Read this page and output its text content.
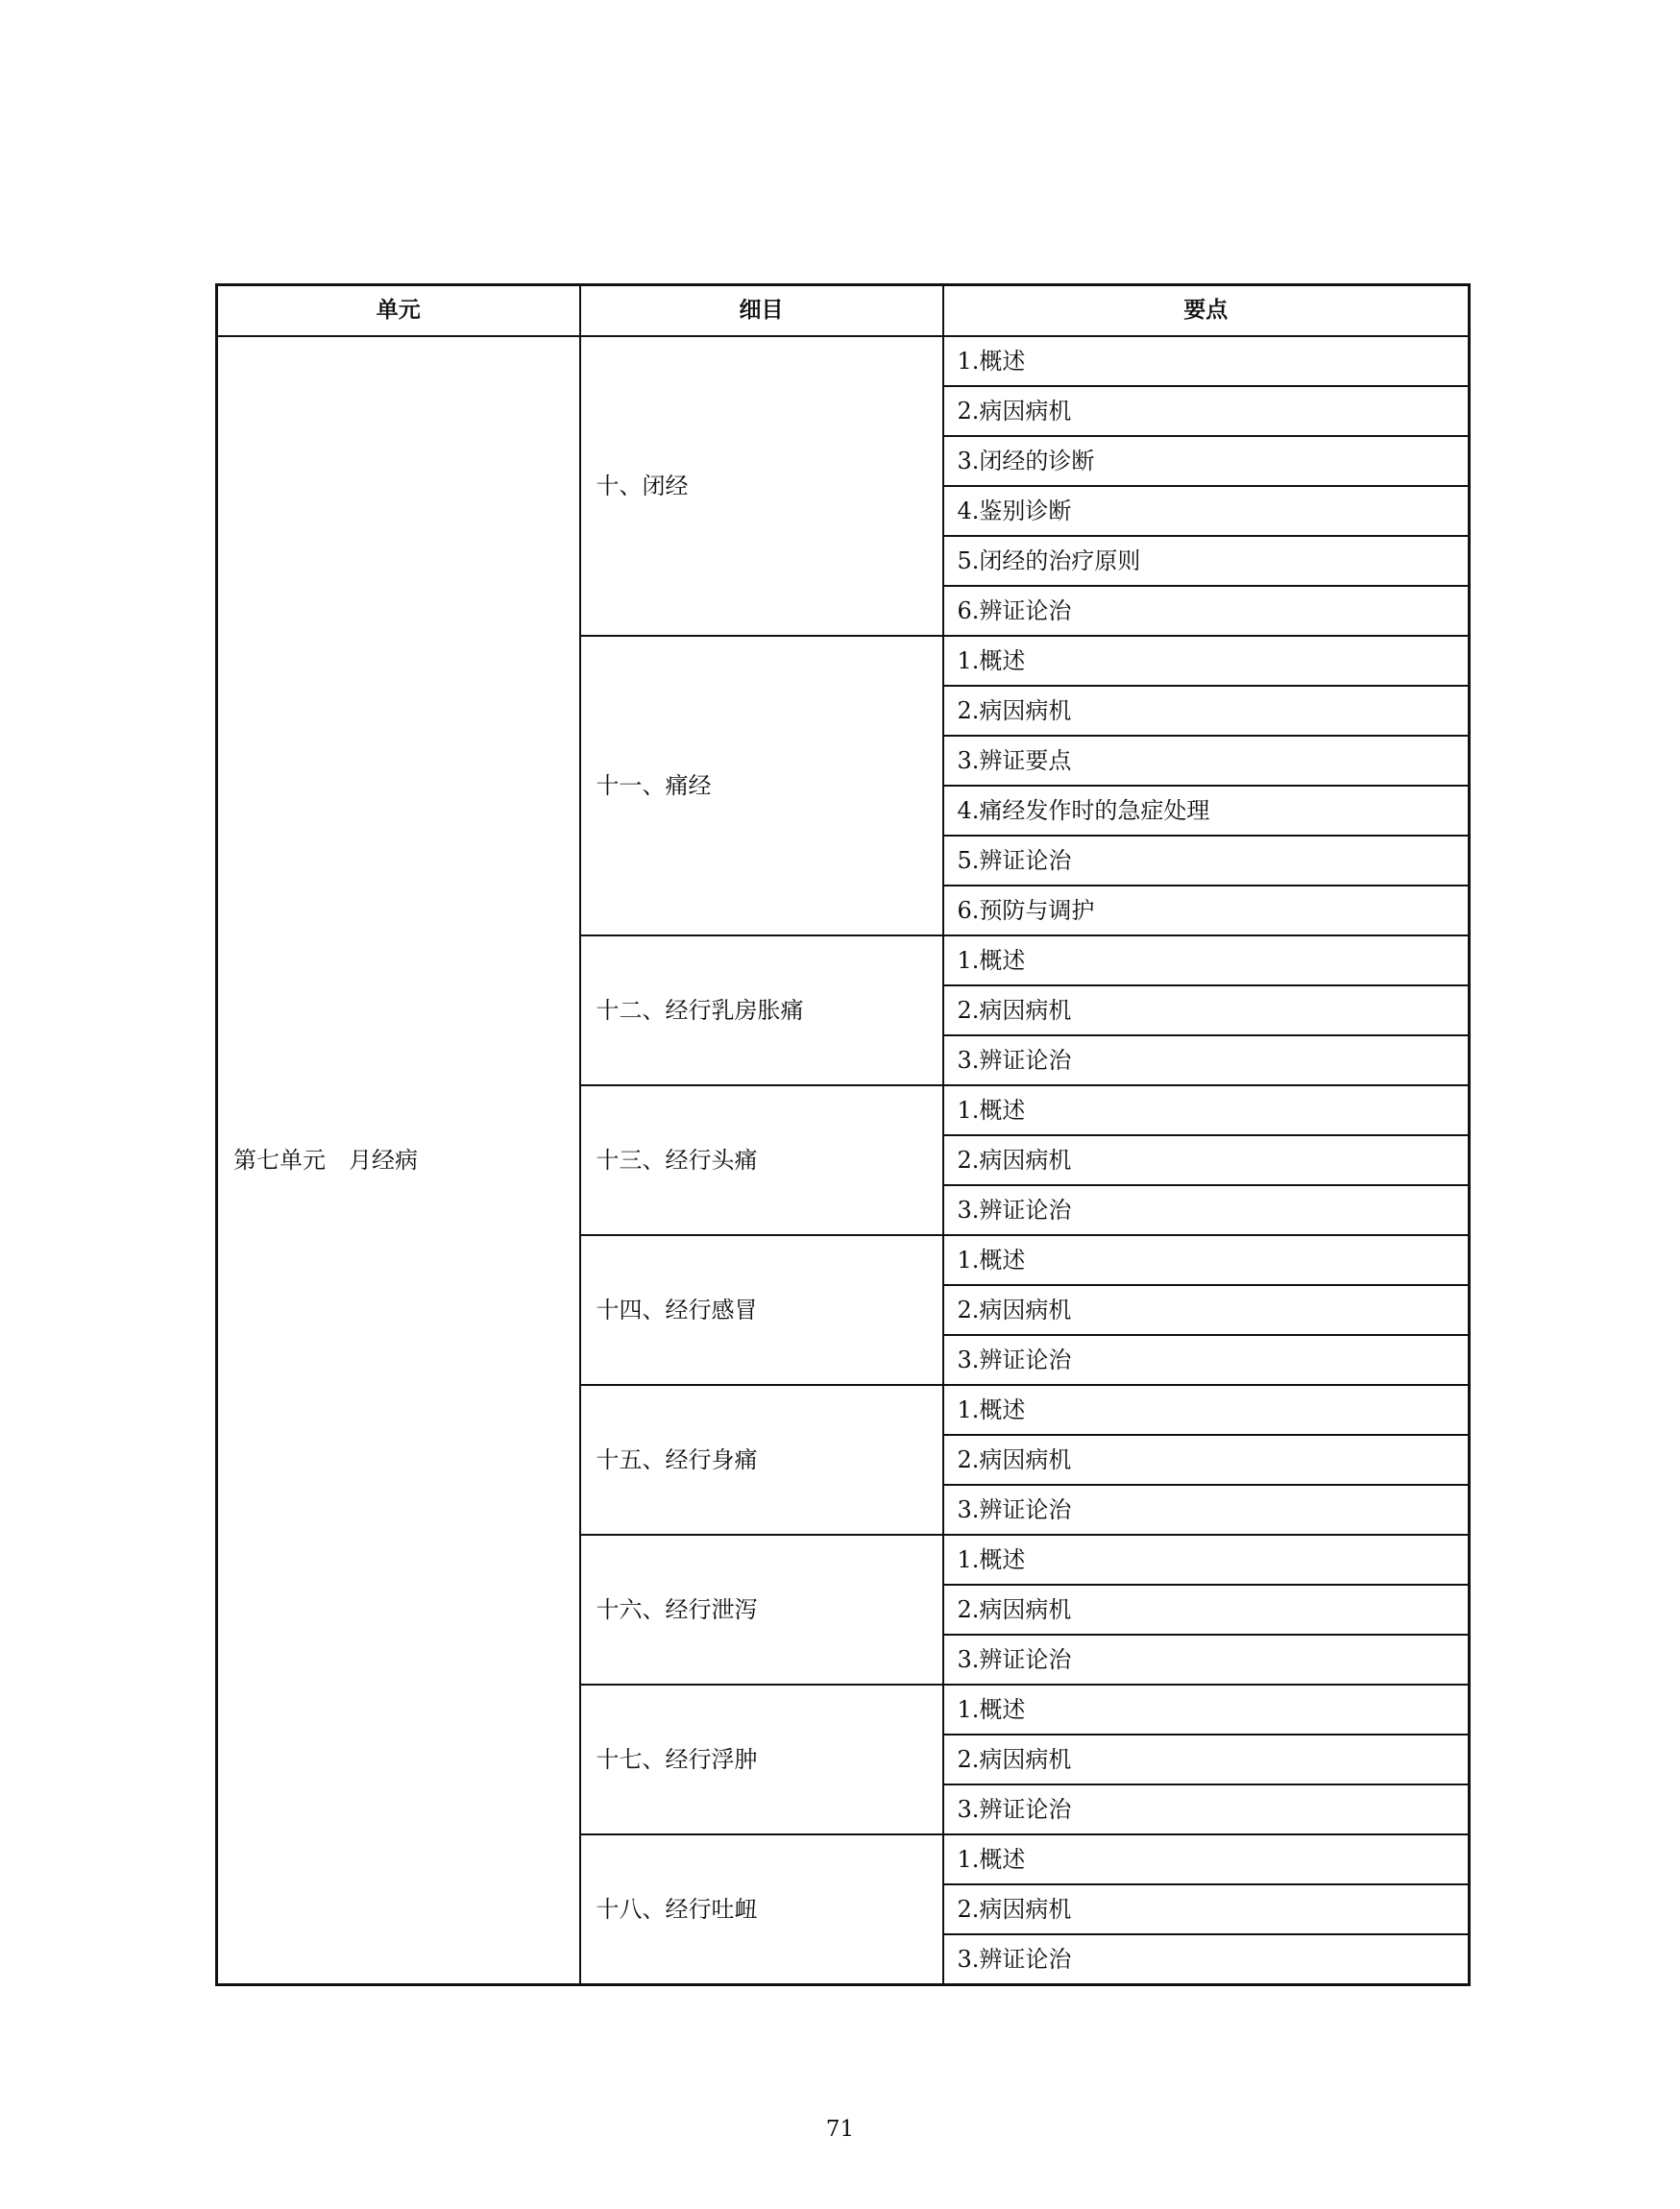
单元	细目	要点
第七单元　月经病	十、闭经	1.概述
		2.病因病机
		3.闭经的诊断
		4.鉴别诊断
		5.闭经的治疗原则
		6.辨证论治
	十一、痛经	1.概述
		2.病因病机
		3.辨证要点
		4.痛经发作时的急症处理
		5.辨证论治
		6.预防与调护
	十二、经行乳房胀痛	1.概述
		2.病因病机
		3.辨证论治
	十三、经行头痛	1.概述
		2.病因病机
		3.辨证论治
	十四、经行感冒	1.概述
		2.病因病机
		3.辨证论治
	十五、经行身痛	1.概述
		2.病因病机
		3.辨证论治
	十六、经行泄泻	1.概述
		2.病因病机
		3.辨证论治
	十七、经行浮肿	1.概述
		2.病因病机
		3.辨证论治
	十八、经行吐衄	1.概述
		2.病因病机
		3.辨证论治
71
